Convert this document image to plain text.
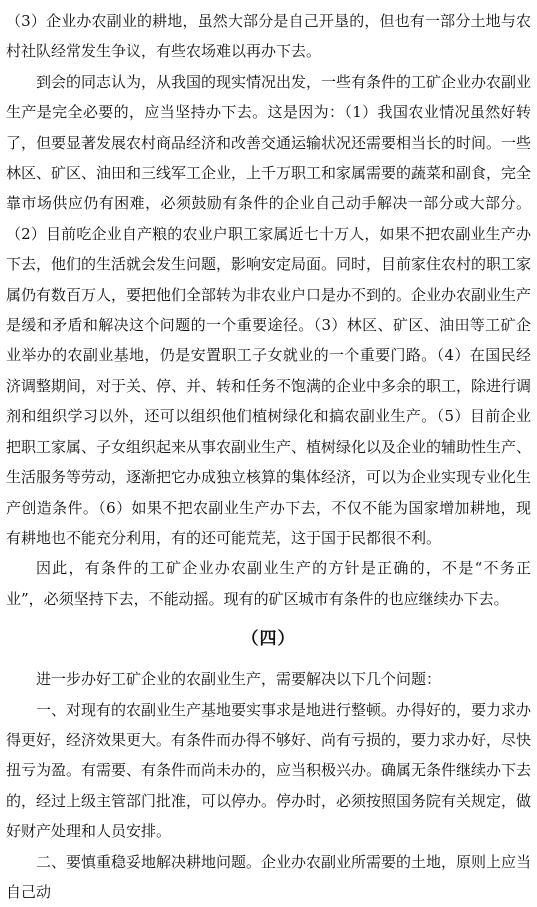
（3）企业办农副业的耕地，虽然大部分是自己开垦的，但也有一部分土地与农村社队经常发生争议，有些农场难以再办下去。

到会的同志认为，从我国的现实情况出发，一些有条件的工矿企业办农副业生产是完全必要的，应当坚持办下去。这是因为：（1）我国农业情况虽然好转了，但要显著发展农村商品经济和改善交通运输状况还需要相当长的时间。一些林区、矿区、油田和三线军工企业，上千万职工和家属需要的蔬菜和副食，完全靠市场供应仍有困难，必须鼓励有条件的企业自己动手解决一部分或大部分。（2）目前吃企业自产粮的农业户职工家属近七十万人，如果不把农副业生产办下去，他们的生活就会发生问题，影响安定局面。同时，目前家住农村的职工家属仍有数百万人，要把他们全部转为非农业户口是办不到的。企业办农副业生产是缓和矛盾和解决这个问题的一个重要途径。（3）林区、矿区、油田等工矿企业举办的农副业基地，仍是安置职工子女就业的一个重要门路。（4）在国民经济调整期间，对于关、停、并、转和任务不饱满的企业中多余的职工，除进行调剂和组织学习以外，还可以组织他们植树绿化和搞农副业生产。（5）目前企业把职工家属、子女组织起来从事农副业生产、植树绿化以及企业的辅助性生产、生活服务等劳动，逐渐把它办成独立核算的集体经济，可以为企业实现专业化生产创造条件。（6）如果不把农副业生产办下去，不仅不能为国家增加耕地，现有耕地也不能充分利用，有的还可能荒芜，这于国于民都很不利。

因此，有条件的工矿企业办农副业生产的方针是正确的，不是“不务正业”，必须坚持下去，不能动摇。现有的矿区城市有条件的也应继续办下去。

（四）

进一步办好工矿企业的农副业生产，需要解决以下几个问题：

一、对现有的农副业生产基地要实事求是地进行整顿。办得好的，要力求办得更好，经济效果更大。有条件而办得不够好、尚有亏损的，要力求办好，尽快扭亏为盈。有需要、有条件而尚未办的，应当积极兴办。确属无条件继续办下去的，经过上级主管部门批准，可以停办。停办时，必须按照国务院有关规定，做好财产处理和人员安排。

二、要慎重稳妥地解决耕地问题。企业办农副业所需要的土地，原则上应当自己动
